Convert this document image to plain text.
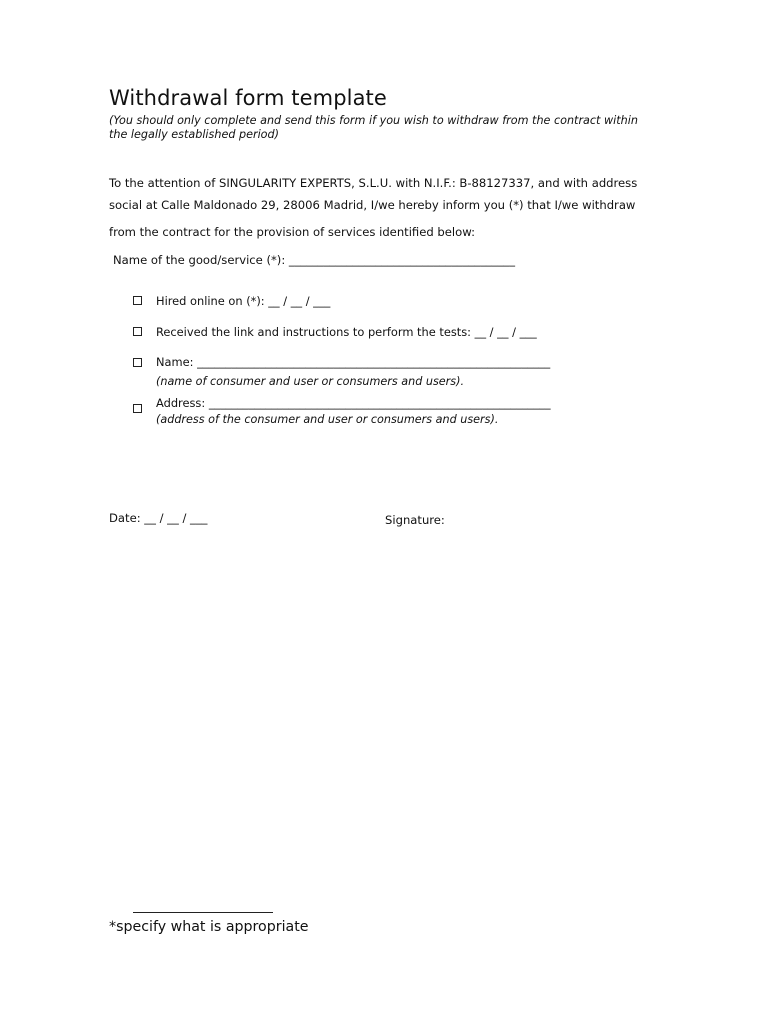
Withdrawal form template
(You should only complete and send this form if you wish to withdraw from the contract within
the legally established period)
To the attention of SINGULARITY EXPERTS, S.L.U. with N.I.F.: B-88127337, and with address
social at Calle Maldonado 29, 28006 Madrid, I/we hereby inform you (*) that I/we withdraw
from the contract for the provision of services identified below:
Name of the good/service (*): _______________________________________
Hired online on (*): __ / __ / ___
Received the link and instructions to perform the tests: __ / __ / ___
Name: ______________________________________________________________
(name of consumer and user or consumers and users).
Address: ____________________________________________________________
(address of the consumer and user or consumers and users).
Date: __ / __ / ___	Signature:
*specify what is appropriate
